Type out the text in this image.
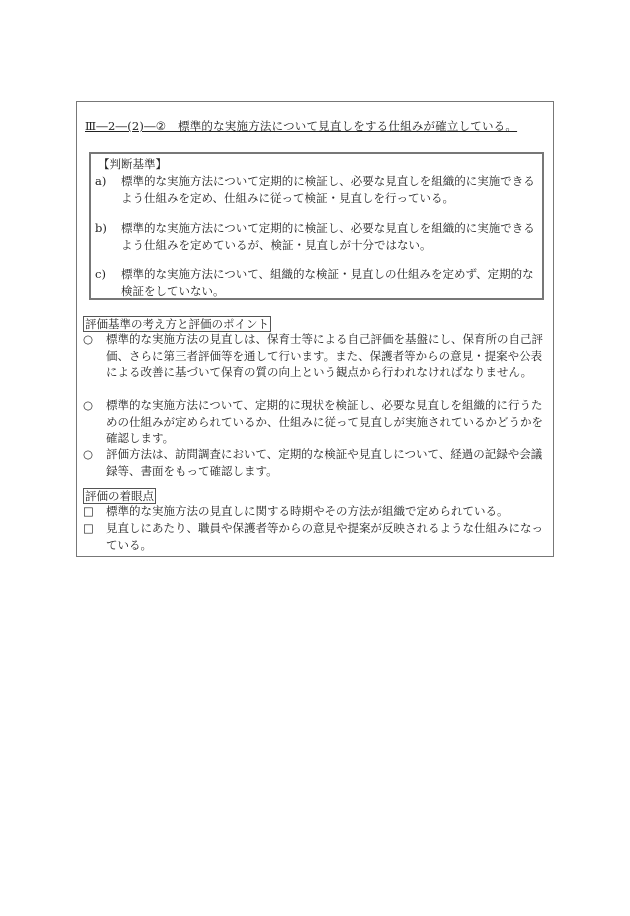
Ⅲ―2―(2)―②　標準的な実施方法について見直しをする仕組みが確立している。
【判断基準】
a)	標準的な実施方法について定期的に検証し、必要な見直しを組織的に実施できるよう仕組みを定め、仕組みに従って検証・見直しを行っている。
b)	標準的な実施方法について定期的に検証し、必要な見直しを組織的に実施できるよう仕組みを定めているが、検証・見直しが十分ではない。
c)	標準的な実施方法について、組織的な検証・見直しの仕組みを定めず、定期的な検証をしていない。
評価基準の考え方と評価のポイント
○	標準的な実施方法の見直しは、保育士等による自己評価を基盤にし、保育所の自己評価、さらに第三者評価等を通して行います。また、保護者等からの意見・提案や公表による改善に基づいて保育の質の向上という観点から行われなければなりません。
○	標準的な実施方法について、定期的に現状を検証し、必要な見直しを組織的に行うための仕組みが定められているか、仕組みに従って見直しが実施されているかどうかを確認します。
○	評価方法は、訪問調査において、定期的な検証や見直しについて、経過の記録や会議録等、書面をもって確認します。
評価の着眼点
□	標準的な実施方法の見直しに関する時期やその方法が組織で定められている。
□	見直しにあたり、職員や保護者等からの意見や提案が反映されるような仕組みになっている。
